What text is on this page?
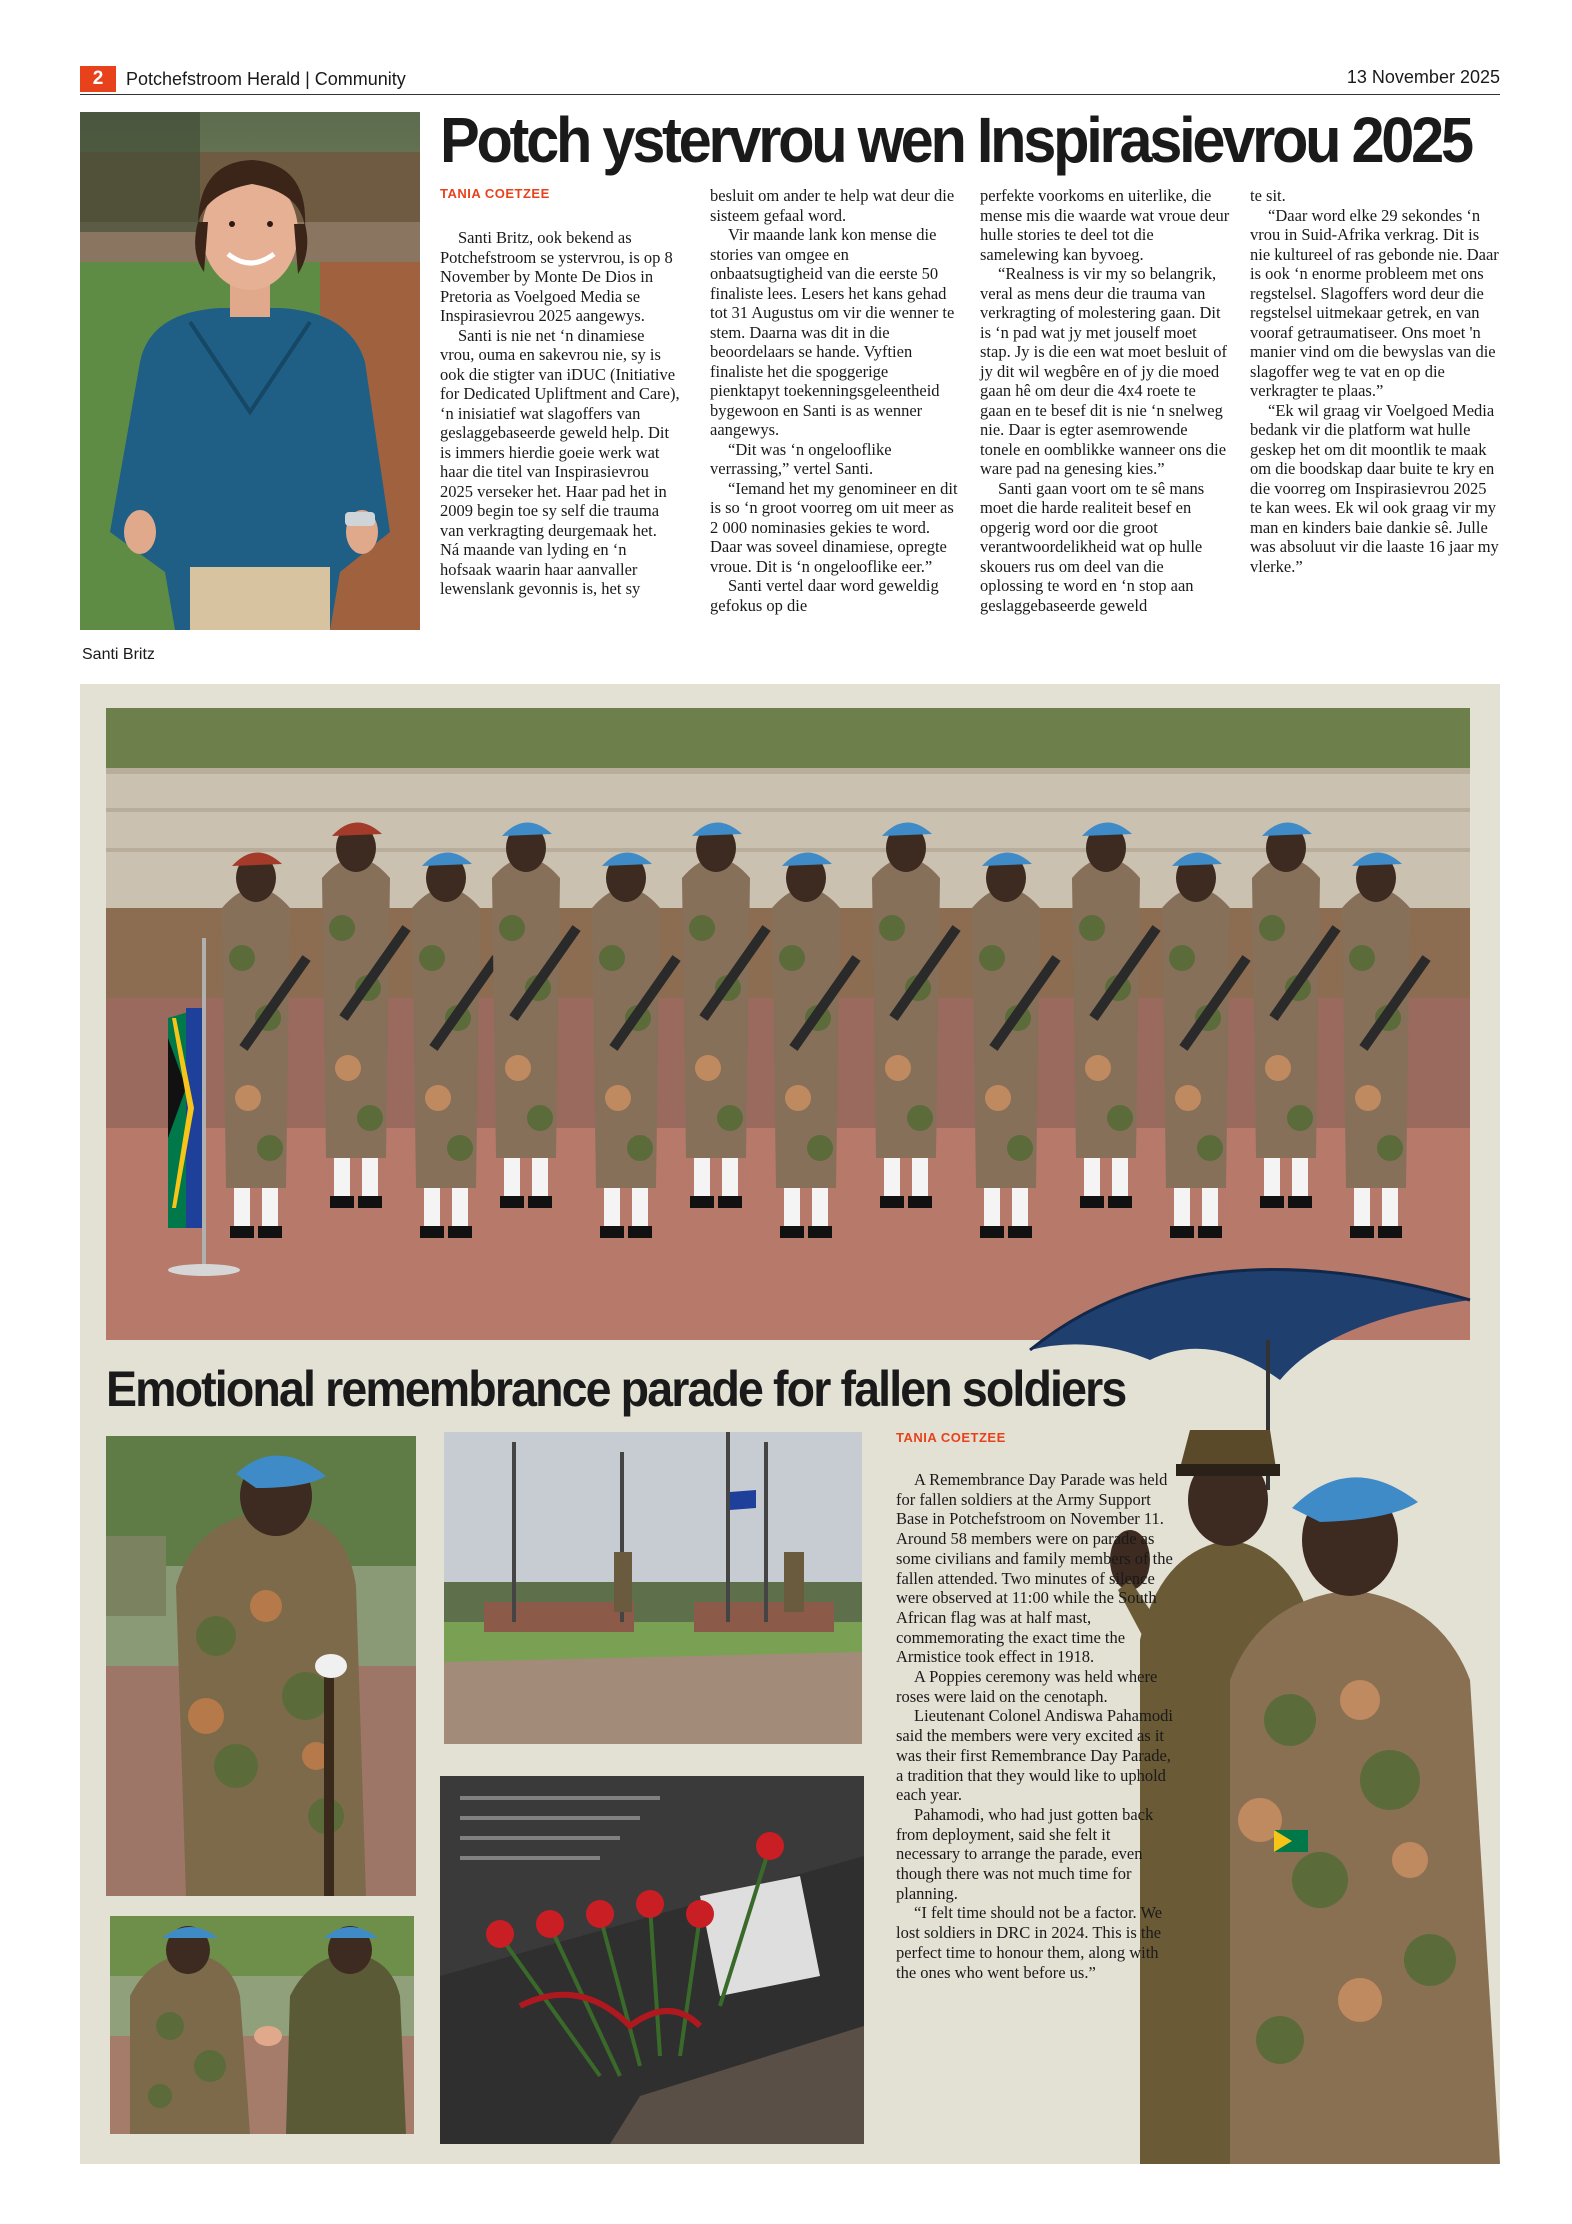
2	Potchefstroom Herald | Community	13 November 2025
Santi Britz
Potch ystervrou wen Inspirasievrou 2025
TANIA COETZEE

Santi Britz, ook bekend as Potchefstroom se ystervrou, is op 8 November by Monte De Dios in Pretoria as Voelgoed Media se Inspirasievrou 2025 aangewys.

Santi is nie net ‘n dinamiese vrou, ouma en sakevrou nie, sy is ook die stigter van iDUC (Initiative for Dedicated Upliftment and Care), ‘n inisiatief wat slagoffers van geslaggebaseerde geweld help. Dit is immers hierdie goeie werk wat haar die titel van Inspirasievrou 2025 verseker het. Haar pad het in 2009 begin toe sy self die trauma van verkragting deurgemaak het. Ná maande van lyding en ‘n hofsaak waarin haar aanvaller lewenslank gevonnis is, het sy

besluit om ander te help wat deur die sisteem gefaal word.

Vir maande lank kon mense die stories van omgee en onbaatsugtigheid van die eerste 50 finaliste lees. Lesers het kans gehad tot 31 Augustus om vir die wenner te stem. Daarna was dit in die beoordelaars se hande. Vyftien finaliste het die spoggerige pienktapyt toekenningsgeleentheid bygewoon en Santi is as wenner aangewys.

“Dit was ‘n ongelooflike verrassing,” vertel Santi.

“Iemand het my genomineer en dit is so ‘n groot voorreg om uit meer as 2 000 nominasies gekies te word. Daar was soveel dinamiese, opregte vroue. Dit is ‘n ongelooflike eer.”

Santi vertel daar word geweldig gefokus op die

perfekte voorkoms en uiterlike, die mense mis die waarde wat vroue deur hulle stories te deel tot die samelewing kan byvoeg.

“Realness is vir my so belangrik, veral as mens deur die trauma van verkragting of molestering gaan. Dit is ‘n pad wat jy met jouself moet stap. Jy is die een wat moet besluit of jy dit wil wegbêre en of jy die moed gaan hê om deur die 4x4 roete te gaan en te besef dit is nie ‘n snelweg nie. Daar is egter asemrowende tonele en oomblikke wanneer ons die ware pad na genesing kies.”

Santi gaan voort om te sê mans moet die harde realiteit besef en opgerig word oor die groot verantwoordelikheid wat op hulle skouers rus om deel van die oplossing te word en ‘n stop aan geslaggebaseerde geweld

te sit.

“Daar word elke 29 sekondes ‘n vrou in Suid-Afrika verkrag. Dit is nie kultureel of ras gebonde nie. Daar is ook ‘n enorme probleem met ons regstelsel. Slagoffers word deur die regstelsel uitmekaar getrek, en van vooraf getraumatiseer. Ons moet 'n manier vind om die bewyslas van die slagoffer weg te vat en op die verkragter te plaas.”

“Ek wil graag vir Voelgoed Media bedank vir die platform wat hulle geskep het om dit moontlik te maak om die boodskap daar buite te kry en die voorreg om Inspirasievrou 2025 te kan wees. Ek wil ook graag vir my man en kinders baie dankie sê. Julle was absoluut vir die laaste 16 jaar my vlerke.”

Emotional remembrance parade for fallen soldiers
TANIA COETZEE

A Remembrance Day Parade was held for fallen soldiers at the Army Support Base in Potchefstroom on November 11. Around 58 members were on parade as some civilians and family members of the fallen attended. Two minutes of silence were observed at 11:00 while the South African flag was at half mast, commemorating the exact time the Armistice took effect in 1918.

A Poppies ceremony was held where roses were laid on the cenotaph.

Lieutenant Colonel Andiswa Pahamodi said the members were very excited as it was their first Remembrance Day Parade, a tradition that they would like to uphold each year.

Pahamodi, who had just gotten back from deployment, said she felt it necessary to arrange the parade, even though there was not much time for planning.

“I felt time should not be a factor. We lost soldiers in DRC in 2024. This is the perfect time to honour them, along with the ones who went before us.”
